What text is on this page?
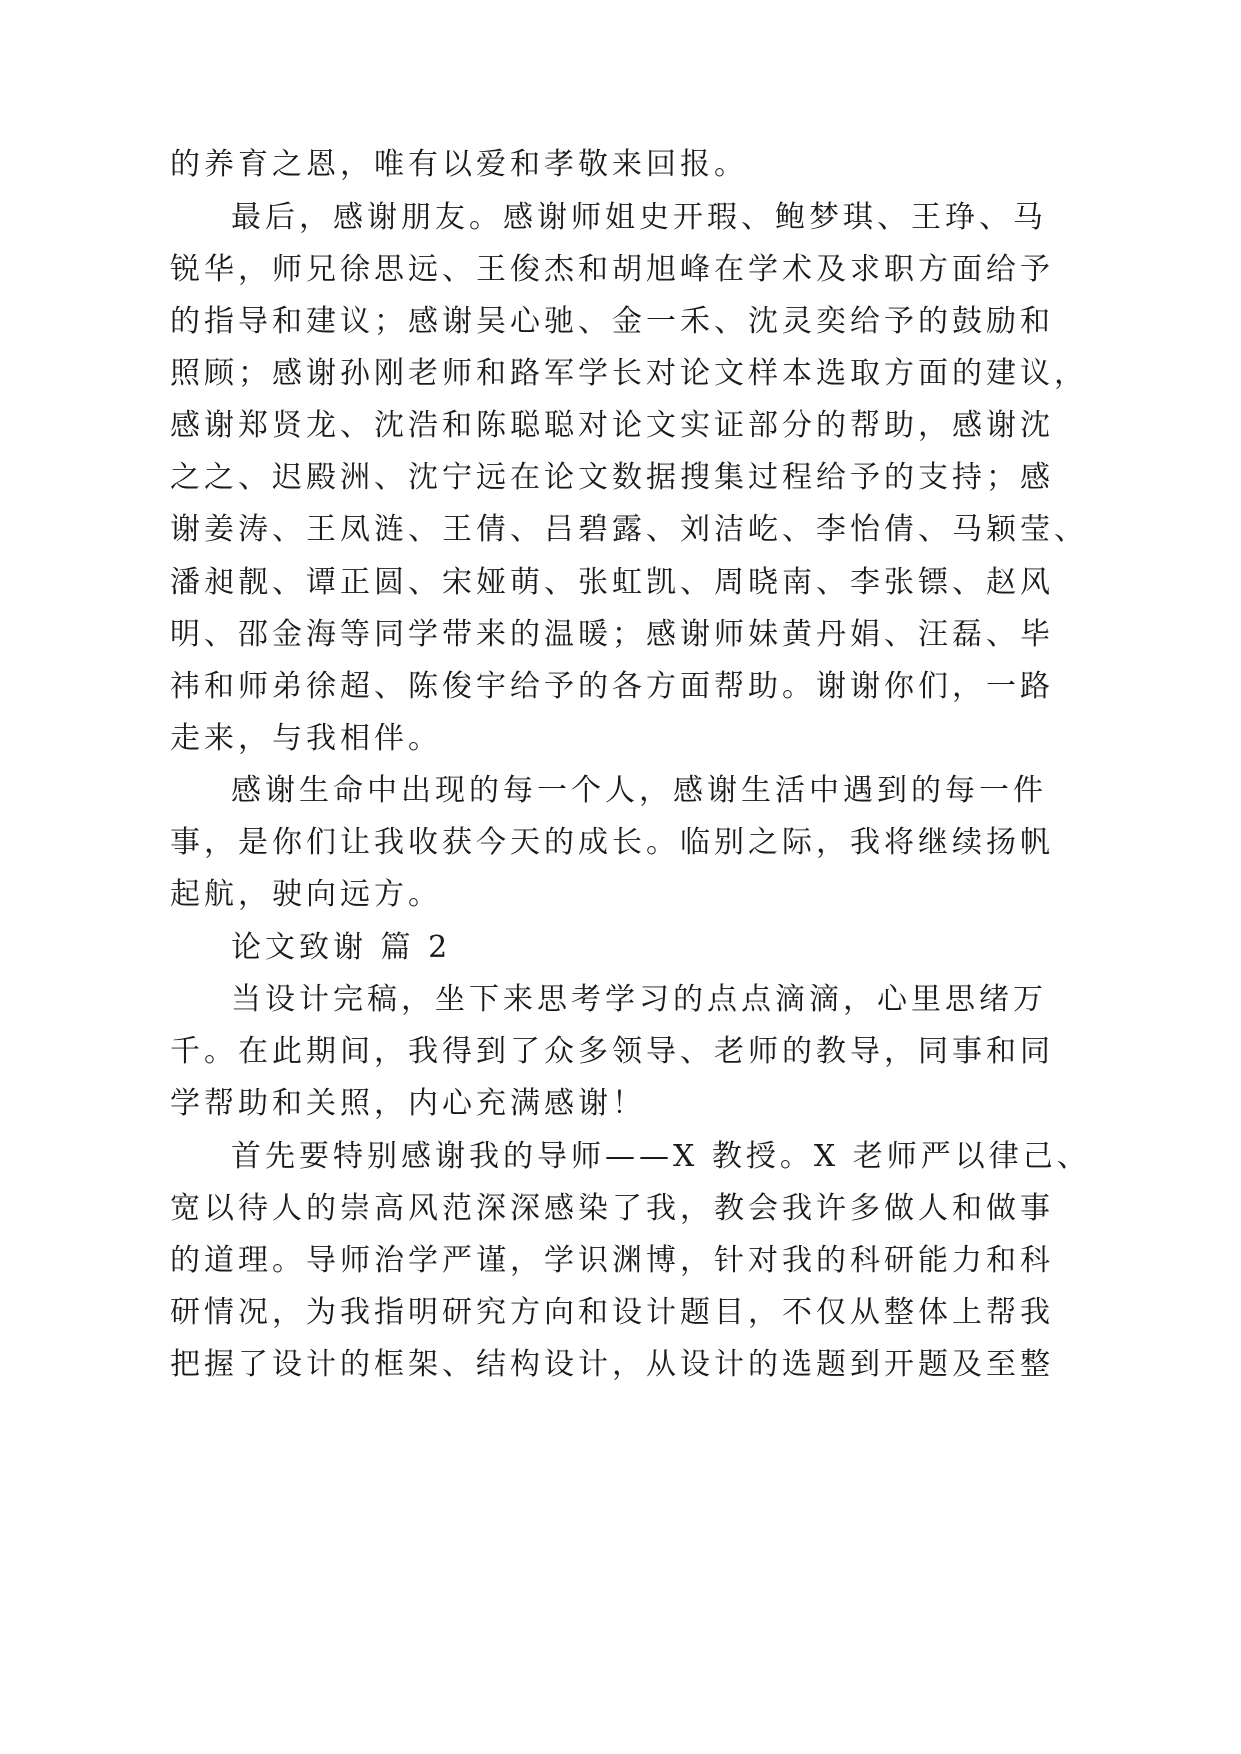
的养育之恩，唯有以爱和孝敬来回报。
最后，感谢朋友。感谢师姐史开瑕、鲍梦琪、王琤、马
锐华，师兄徐思远、王俊杰和胡旭峰在学术及求职方面给予
的指导和建议；感谢吴心驰、金一禾、沈灵奕给予的鼓励和
照顾；感谢孙刚老师和路军学长对论文样本选取方面的建议，
感谢郑贤龙、沈浩和陈聪聪对论文实证部分的帮助，感谢沈
之之、迟殿洲、沈宁远在论文数据搜集过程给予的支持；感
谢姜涛、王凤涟、王倩、吕碧露、刘洁屹、李怡倩、马颖莹、
潘昶靓、谭正圆、宋娅萌、张虹凯、周晓南、李张镖、赵风
明、邵金海等同学带来的温暖；感谢师妹黄丹娟、汪磊、毕
祎和师弟徐超、陈俊宇给予的各方面帮助。谢谢你们，一路
走来，与我相伴。
感谢生命中出现的每一个人，感谢生活中遇到的每一件
事，是你们让我收获今天的成长。临别之际，我将继续扬帆
起航，驶向远方。
论文致谢 篇 2
当设计完稿，坐下来思考学习的点点滴滴，心里思绪万
千。在此期间，我得到了众多领导、老师的教导，同事和同
学帮助和关照，内心充满感谢！
首先要特别感谢我的导师——X 教授。X 老师严以律己、
宽以待人的崇高风范深深感染了我，教会我许多做人和做事
的道理。导师治学严谨，学识渊博，针对我的科研能力和科
研情况，为我指明研究方向和设计题目，不仅从整体上帮我
把握了设计的框架、结构设计，从设计的选题到开题及至整
